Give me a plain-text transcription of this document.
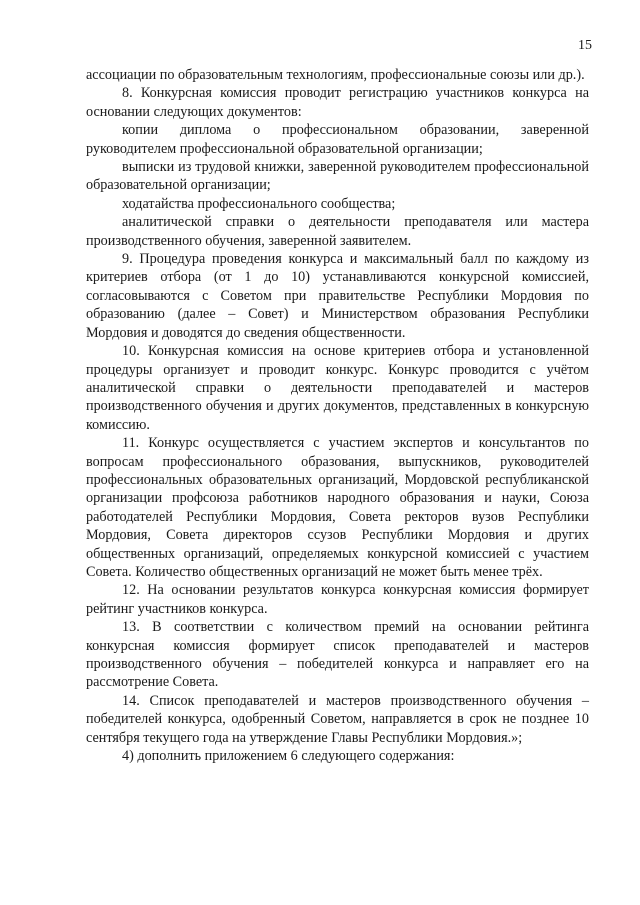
15

ассоциации по образовательным технологиям, профессиональные союзы или др.).

8. Конкурсная комиссия проводит регистрацию участников конкурса на основании следующих документов:

копии диплома о профессиональном образовании, заверенной руководителем профессиональной образовательной организации;

выписки из трудовой книжки, заверенной руководителем профессиональной образовательной организации;

ходатайства профессионального сообщества;

аналитической справки о деятельности преподавателя или мастера производственного обучения, заверенной заявителем.

9. Процедура проведения конкурса и максимальный балл по каждому из критериев отбора (от 1 до 10) устанавливаются конкурсной комиссией, согласовываются с Советом при правительстве Республики Мордовия по образованию (далее – Совет) и Министерством образования Республики Мордовия и доводятся до сведения общественности.

10. Конкурсная комиссия на основе критериев отбора и установленной процедуры организует и проводит конкурс. Конкурс проводится с учётом аналитической справки о деятельности преподавателей и мастеров производственного обучения и других документов, представленных в конкурсную комиссию.

11. Конкурс осуществляется с участием экспертов и консультантов по вопросам профессионального образования, выпускников, руководителей профессиональных образовательных организаций, Мордовской республиканской организации профсоюза работников народного образования и науки, Союза работодателей Республики Мордовия, Совета ректоров вузов Республики Мордовия, Совета директоров ссузов Республики Мордовия и других общественных организаций, определяемых конкурсной комиссией с участием Совета. Количество общественных организаций не может быть менее трёх.

12. На основании результатов конкурса конкурсная комиссия формирует рейтинг участников конкурса.

13. В соответствии с количеством премий на основании рейтинга конкурсная комиссия формирует список преподавателей и мастеров производственного обучения – победителей конкурса и направляет его на рассмотрение Совета.

14. Список преподавателей и мастеров производственного обучения – победителей конкурса, одобренный Советом, направляется в срок не позднее 10 сентября текущего года на утверждение Главы Республики Мордовия.»;

4) дополнить приложением 6 следующего содержания:
